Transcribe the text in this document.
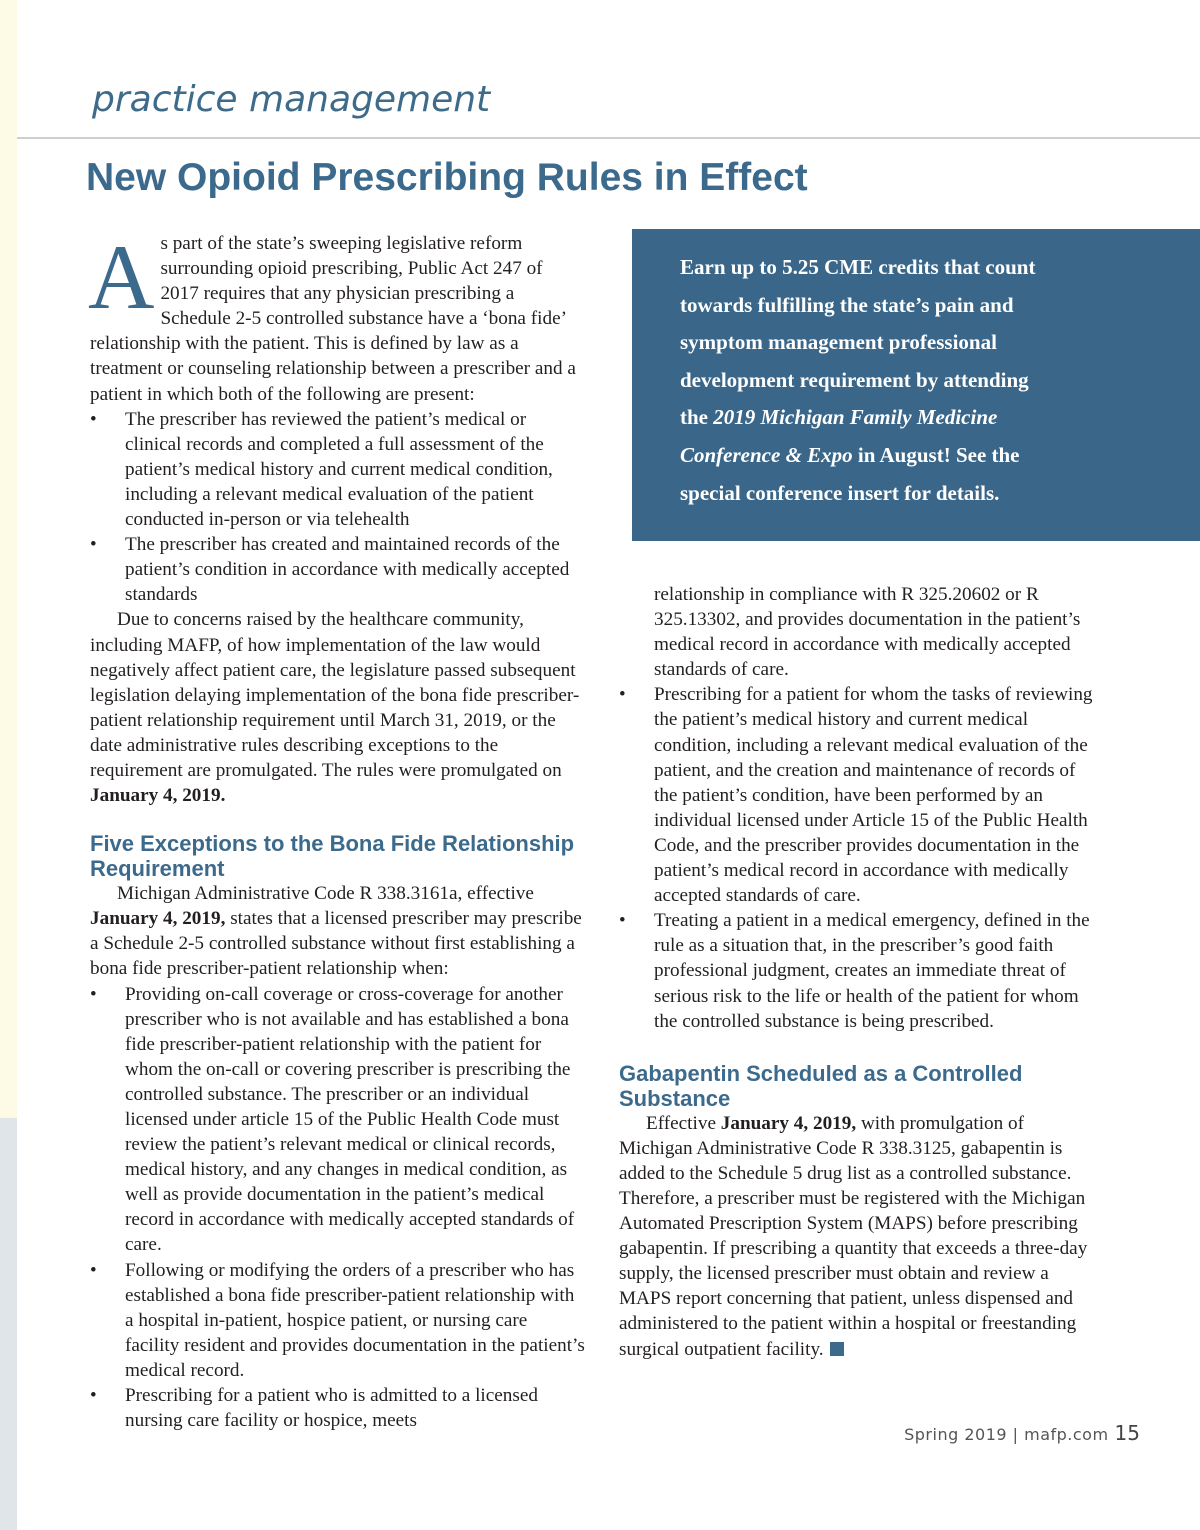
practice management
New Opioid Prescribing Rules in Effect

As part of the state’s sweeping legislative reform surrounding opioid prescribing, Public Act 247 of 2017 requires that any physician prescribing a Schedule 2-5 controlled substance have a ‘bona fide’ relationship with the patient. This is defined by law as a treatment or counseling relationship between a prescriber and a patient in which both of the following are present:

• The prescriber has reviewed the patient’s medical or clinical records and completed a full assessment of the patient’s medical history and current medical condition, including a relevant medical evaluation of the patient conducted in-person or via telehealth
• The prescriber has created and maintained records of the patient’s condition in accordance with medically accepted standards

Due to concerns raised by the healthcare community, including MAFP, of how implementation of the law would negatively affect patient care, the legislature passed subsequent legislation delaying implementation of the bona fide prescriber-patient relationship requirement until March 31, 2019, or the date administrative rules describing exceptions to the requirement are promulgated. The rules were promulgated on January 4, 2019.

Five Exceptions to the Bona Fide Relationship Requirement

Michigan Administrative Code R 338.3161a, effective January 4, 2019, states that a licensed prescriber may prescribe a Schedule 2-5 controlled substance without first establishing a bona fide prescriber-patient relationship when:

• Providing on-call coverage or cross-coverage for another prescriber who is not available and has established a bona fide prescriber-patient relationship with the patient for whom the on-call or covering prescriber is prescribing the controlled substance. The prescriber or an individual licensed under article 15 of the Public Health Code must review the patient’s relevant medical or clinical records, medical history, and any changes in medical condition, as well as provide documentation in the patient’s medical record in accordance with medically accepted standards of care.
• Following or modifying the orders of a prescriber who has established a bona fide prescriber-patient relationship with a hospital in-patient, hospice patient, or nursing care facility resident and provides documentation in the patient’s medical record.
• Prescribing for a patient who is admitted to a licensed nursing care facility or hospice, meets

Earn up to 5.25 CME credits that count towards fulfilling the state’s pain and symptom management professional development requirement by attending the 2019 Michigan Family Medicine Conference & Expo in August! See the special conference insert for details.

relationship in compliance with R 325.20602 or R 325.13302, and provides documentation in the patient’s medical record in accordance with medically accepted standards of care.
• Prescribing for a patient for whom the tasks of reviewing the patient’s medical history and current medical condition, including a relevant medical evaluation of the patient, and the creation and maintenance of records of the patient’s condition, have been performed by an individual licensed under Article 15 of the Public Health Code, and the prescriber provides documentation in the patient’s medical record in accordance with medically accepted standards of care.
• Treating a patient in a medical emergency, defined in the rule as a situation that, in the prescriber’s good faith professional judgment, creates an immediate threat of serious risk to the life or health of the patient for whom the controlled substance is being prescribed.
Gabapentin Scheduled as a Controlled Substance

Effective January 4, 2019, with promulgation of Michigan Administrative Code R 338.3125, gabapentin is added to the Schedule 5 drug list as a controlled substance. Therefore, a prescriber must be registered with the Michigan Automated Prescription System (MAPS) before prescribing gabapentin. If prescribing a quantity that exceeds a three-day supply, the licensed prescriber must obtain and review a MAPS report concerning that patient, unless dispensed and administered to the patient within a hospital or freestanding surgical outpatient facility.

Spring 2019 | mafp.com 15
